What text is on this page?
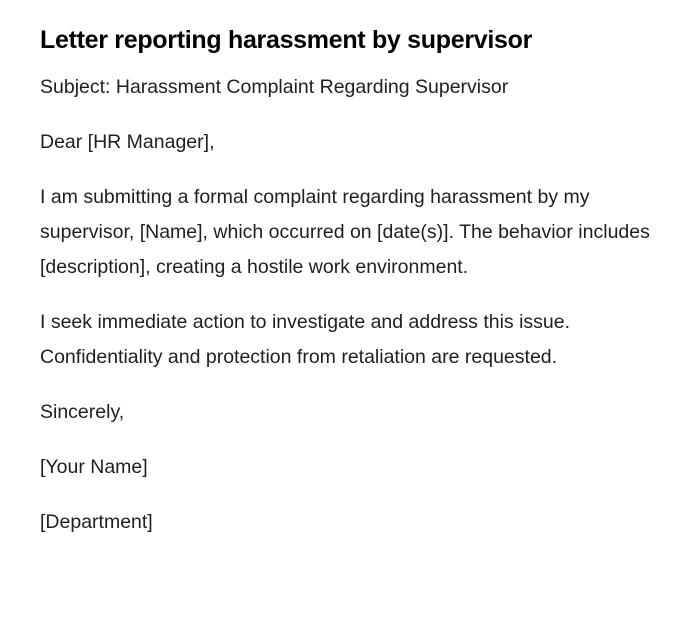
Letter reporting harassment by supervisor

Subject: Harassment Complaint Regarding Supervisor

Dear [HR Manager],

I am submitting a formal complaint regarding harassment by my supervisor, [Name], which occurred on [date(s)]. The behavior includes [description], creating a hostile work environment.

I seek immediate action to investigate and address this issue. Confidentiality and protection from retaliation are requested.

Sincerely,

[Your Name]

[Department]
